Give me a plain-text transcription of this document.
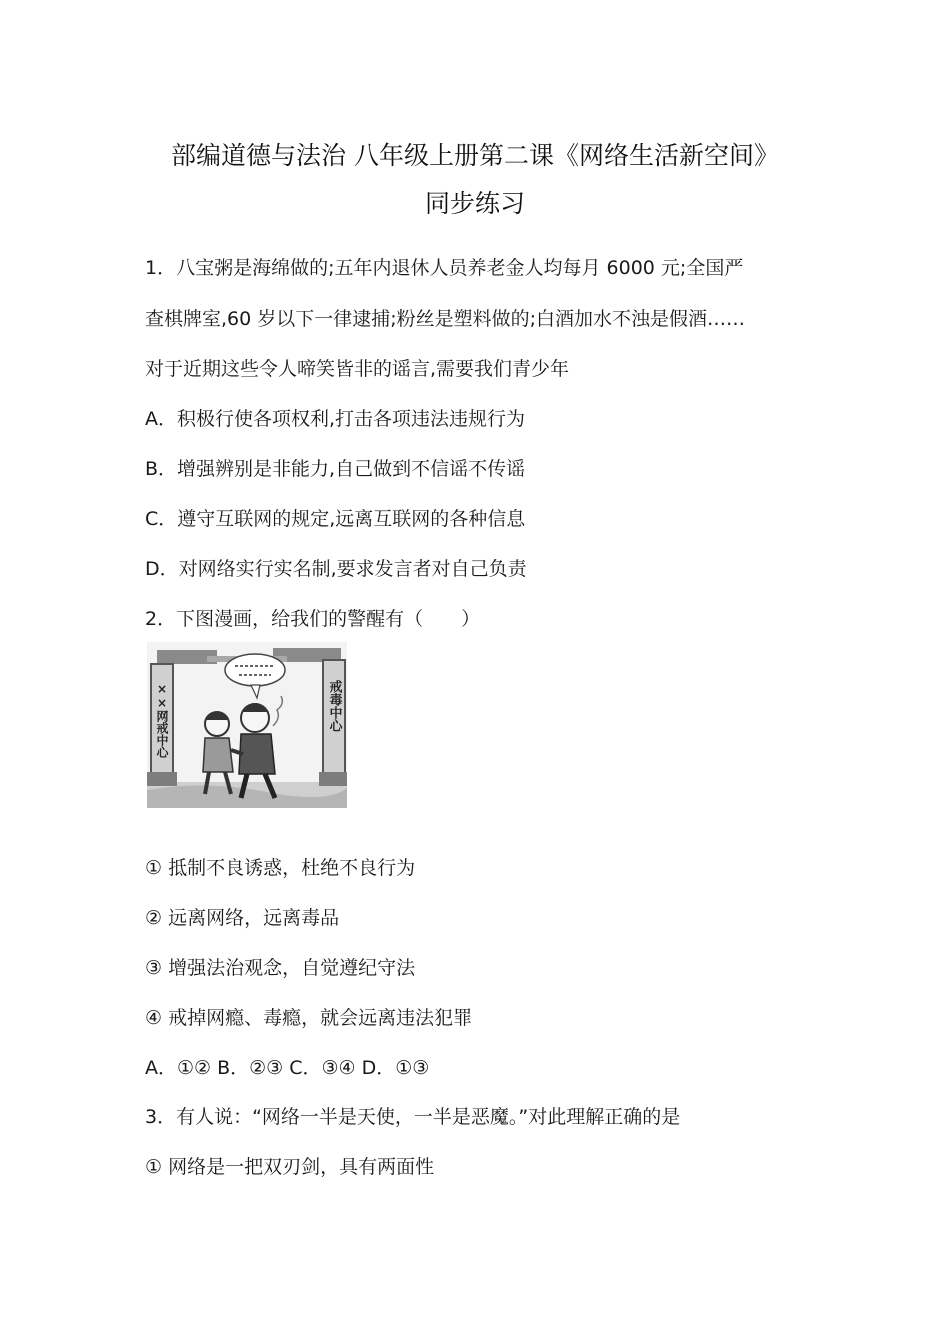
部编道德与法治 八年级上册第二课《网络生活新空间》
同步练习
1．八宝粥是海绵做的;五年内退休人员养老金人均每月 6000 元;全国严
查棋牌室,60 岁以下一律逮捕;粉丝是塑料做的;白酒加水不浊是假酒……
对于近期这些令人啼笑皆非的谣言,需要我们青少年
A．积极行使各项权利,打击各项违法违规行为
B．增强辨别是非能力,自己做到不信谣不传谣
C．遵守互联网的规定,远离互联网的各种信息
D．对网络实行实名制,要求发言者对自己负责
2．下图漫画，给我们的警醒有（　　）
××网戒中心	戒毒中心
① 抵制不良诱惑，杜绝不良行为
② 远离网络，远离毒品
③ 增强法治观念，自觉遵纪守法
④ 戒掉网瘾、毒瘾，就会远离违法犯罪
A．①② B．②③ C．③④ D．①③
3．有人说：“网络一半是天使，一半是恶魔。”对此理解正确的是
① 网络是一把双刃剑，具有两面性
